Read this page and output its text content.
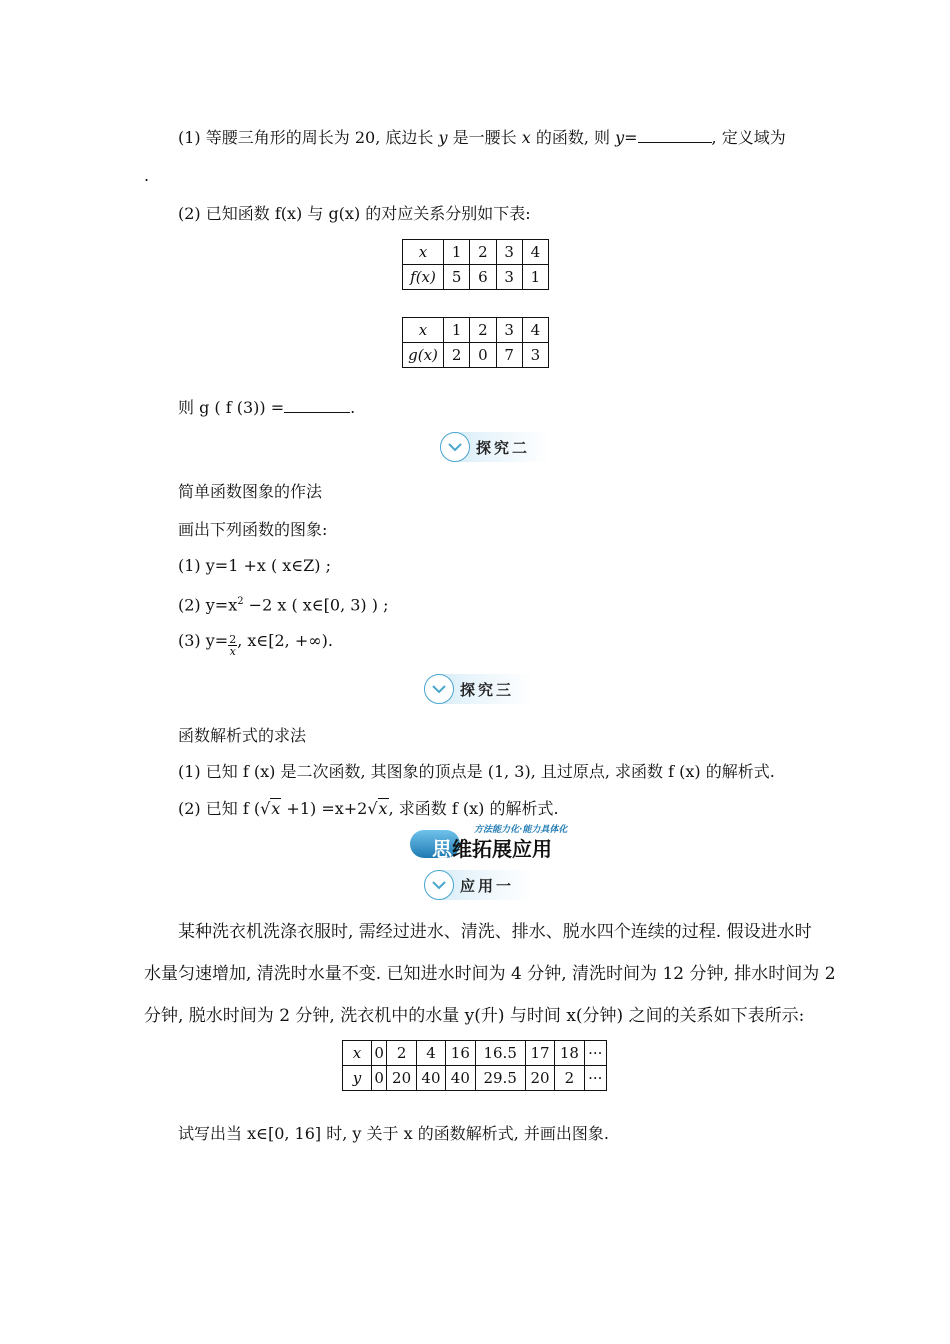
(1) 等腰三角形的周长为 20, 底边长 y 是一腰长 x 的函数, 则 y=	, 定义域为
.
(2) 已知函数 f(x) 与 g(x) 的对应关系分别如下表:
x	1	2	3	4
f(x)	5	6	3	1
x	1	2	3	4
g(x)	2	0	7	3
则 g ( f (3)) =	.
探究二
简单函数图象的作法
画出下列函数的图象:
(1) y=1 +x ( x∈Z) ;
(2) $y=x^2 -2$ x ( x∈[0, 3) ) ;
(3) $y= \frac{2}{x}$ , x∈[2, +∞).
探究三
函数解析式的求法
(1) 已知 f (x) 是二次函数, 其图象的顶点是 (1, 3), 且过原点, 求函数 f (x) 的解析式.
(2) 已知 f (√x +1) =x+2√x, 求函数 f (x) 的解析式.
方法能力化·能力具体化
思维拓展应用
应用一
某种洗衣机洗涤衣服时, 需经过进水、清洗、排水、脱水四个连续的过程. 假设进水时
水量匀速增加, 清洗时水量不变. 已知进水时间为 4 分钟, 清洗时间为 12 分钟, 排水时间为 2
分钟, 脱水时间为 2 分钟, 洗衣机中的水量 y(升) 与时间 x(分钟) 之间的关系如下表所示:
x	0	2	4	16	16.5	17	18	···
y	0	20	40	40	29.5	20	2	···
试写出当 x∈[0, 16] 时, y 关于 x 的函数解析式, 并画出图象.
